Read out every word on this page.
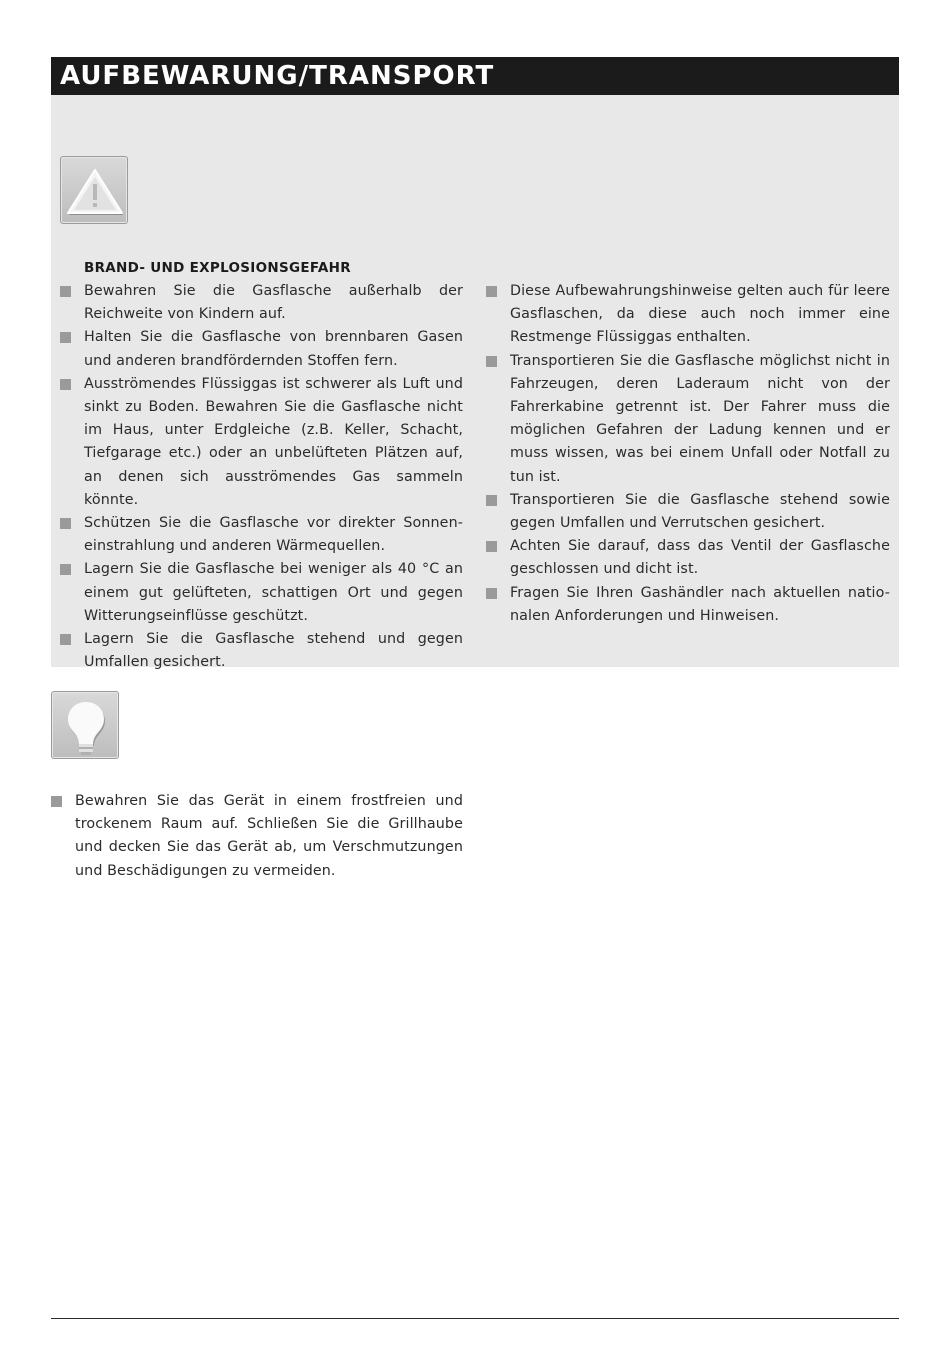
AUFBEWARUNG/TRANSPORT

BRAND- UND EXPLOSIONSGEFAHR

Bewahren Sie die Gasflasche außerhalb der Reichweite von Kindern auf.
Halten Sie die Gasflasche von brennbaren Gasen und anderen brandfördernden Stoffen fern.
Ausströmendes Flüssiggas ist schwerer als Luft und sinkt zu Boden. Bewahren Sie die Gasflasche nicht im Haus, unter Erdgleiche (z.B. Keller, Schacht, Tiefgarage etc.) oder an unbelüfteten Plätzen auf, an denen sich ausströmendes Gas sammeln könnte.
Schützen Sie die Gasflasche vor direkter Sonnen-einstrahlung und anderen Wärmequellen.
Lagern Sie die Gasflasche bei weniger als 40 °C an einem gut gelüfteten, schattigen Ort und gegen Witterungseinflüsse geschützt.
Lagern Sie die Gasflasche stehend und gegen Umfallen gesichert.
Diese Aufbewahrungshinweise gelten auch für leere Gasflaschen, da diese auch noch immer eine Restmenge Flüssiggas enthalten.
Transportieren Sie die Gasflasche möglichst nicht in Fahrzeugen, deren Laderaum nicht von der Fahrerkabine getrennt ist. Der Fahrer muss die möglichen Gefahren der Ladung kennen und er muss wissen, was bei einem Unfall oder Notfall zu tun ist.
Transportieren Sie die Gasflasche stehend sowie gegen Umfallen und Verrutschen gesichert.
Achten Sie darauf, dass das Ventil der Gasflasche geschlossen und dicht ist.
Fragen Sie Ihren Gashändler nach aktuellen natio-nalen Anforderungen und Hinweisen.
Bewahren Sie das Gerät in einem frostfreien und trockenem Raum auf. Schließen Sie die Grillhaube und decken Sie das Gerät ab, um Verschmutzungen und Beschädigungen zu vermeiden.
